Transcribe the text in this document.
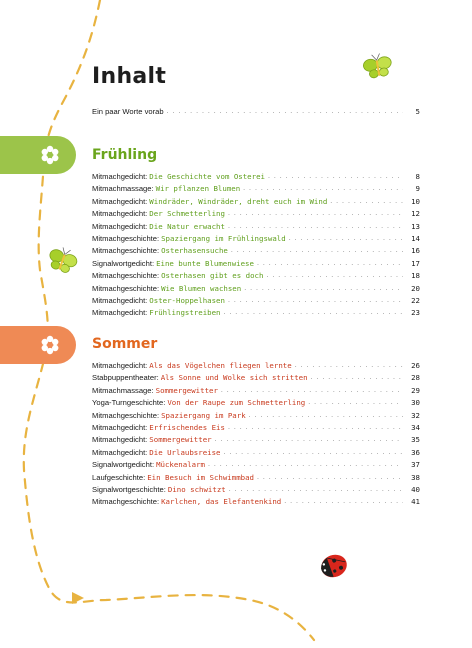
Inhalt
Ein paar Worte vorab . . .	5
Frühling
Mitmachgedicht: Die Geschichte vom Osterei . . .	8
Mitmachmassage: Wir pflanzen Blumen . . .	9
Mitmachgedicht: Windräder, Windräder, dreht euch im Wind . . .	10
Mitmachgedicht: Der Schmetterling . . .	12
Mitmachgedicht: Die Natur erwacht . . .	13
Mitmachgeschichte: Spaziergang im Frühlingswald . . .	14
Mitmachgeschichte: Osterhasensuche . . .	16
Signalwortgedicht: Eine bunte Blumenwiese . . .	17
Mitmachgeschichte: Osterhasen gibt es doch . . .	18
Mitmachgeschichte: Wie Blumen wachsen . . .	20
Mitmachgedicht: Oster-Hoppelhasen . . .	22
Mitmachgedicht: Frühlingstreiben . . .	23
Sommer
Mitmachgedicht: Als das Vögelchen fliegen lernte . . .	26
Stabpuppentheater: Als Sonne und Wolke sich stritten . . .	28
Mitmachmassage: Sommergewitter . . .	29
Yoga-Turngeschichte: Von der Raupe zum Schmetterling . . .	30
Mitmachgeschichte: Spaziergang im Park . . .	32
Mitmachgedicht: Erfrischendes Eis . . .	34
Mitmachgedicht: Sommergewitter . . .	35
Mitmachgedicht: Die Urlaubsreise . . .	36
Signalwortgedicht: Mückenalarm . . .	37
Laufgeschichte: Ein Besuch im Schwimmbad . . .	38
Signalwortgeschichte: Dino schwitzt . . .	40
Mitmachgeschichte: Karlchen, das Elefantenkind . . .	41
